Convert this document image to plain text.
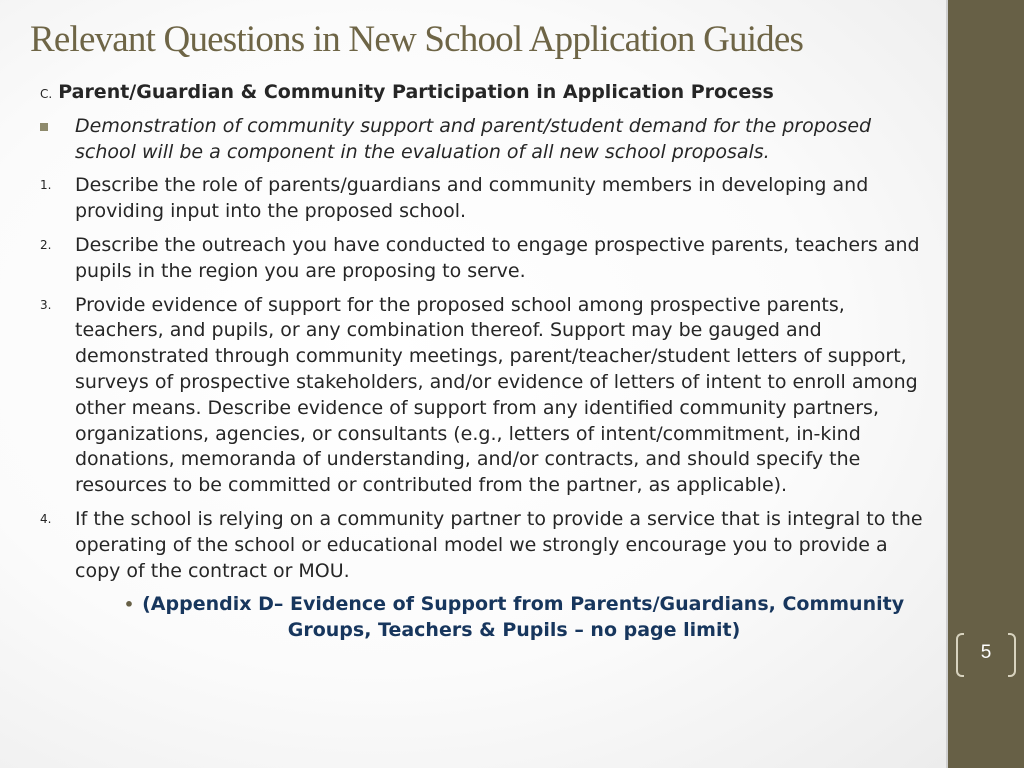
Relevant Questions in New School Application Guides
C. Parent/Guardian & Community Participation in Application Process
Demonstration of community support and parent/student demand for the proposed school will be a component in the evaluation of all new school proposals.
1. Describe the role of parents/guardians and community members in developing and providing input into the proposed school.
2. Describe the outreach you have conducted to engage prospective parents, teachers and pupils in the region you are proposing to serve.
3. Provide evidence of support for the proposed school among prospective parents, teachers, and pupils, or any combination thereof. Support may be gauged and demonstrated through community meetings, parent/teacher/student letters of support, surveys of prospective stakeholders, and/or evidence of letters of intent to enroll among other means. Describe evidence of support from any identified community partners, organizations, agencies, or consultants (e.g., letters of intent/commitment, in-kind donations, memoranda of understanding, and/or contracts, and should specify the resources to be committed or contributed from the partner, as applicable).
4. If the school is relying on a community partner to provide a service that is integral to the operating of the school or educational model we strongly encourage you to provide a copy of the contract or MOU.
• (Appendix D– Evidence of Support from Parents/Guardians, Community Groups, Teachers & Pupils – no page limit)
5
